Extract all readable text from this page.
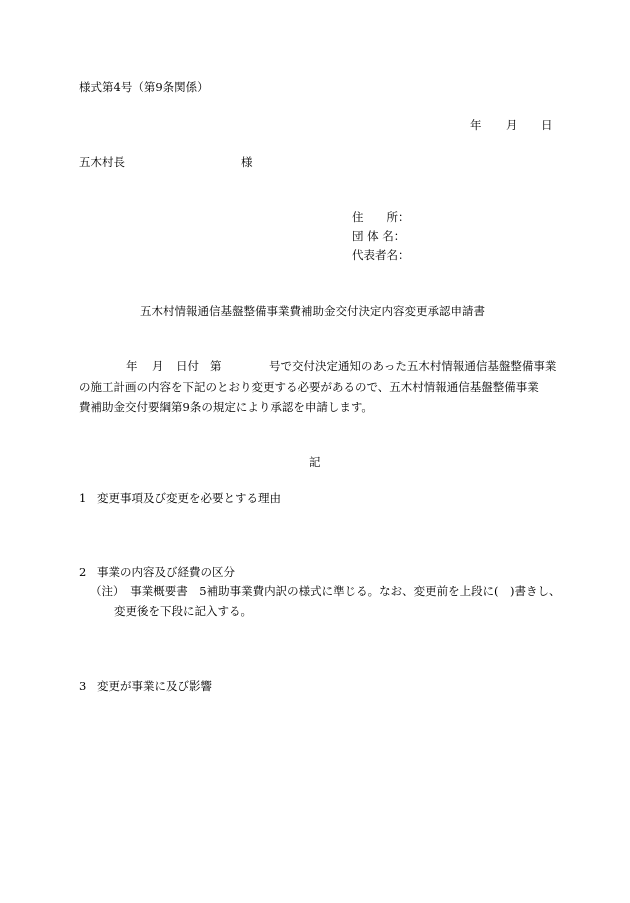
様式第4号（第9条関係）
年 月 日
五木村長	様
住　　所：
団 体 名：
代表者名：
五木村情報通信基盤整備事業費補助金交付決定内容変更承認申請書
年 月 日付 第	号で交付決定通知のあった五木村情報通信基盤整備事業
の施工計画の内容を下記のとおり変更する必要があるので、五木村情報通信基盤整備事業
費補助金交付要綱第9条の規定により承認を申請します。
記
1 変更事項及び変更を必要とする理由
2 事業の内容及び経費の区分
（注）　事業概要書　5補助事業費内訳の様式に準じる。なお、変更前を上段に(　)書きし、
変更後を下段に記入する。
3 変更が事業に及び影響
